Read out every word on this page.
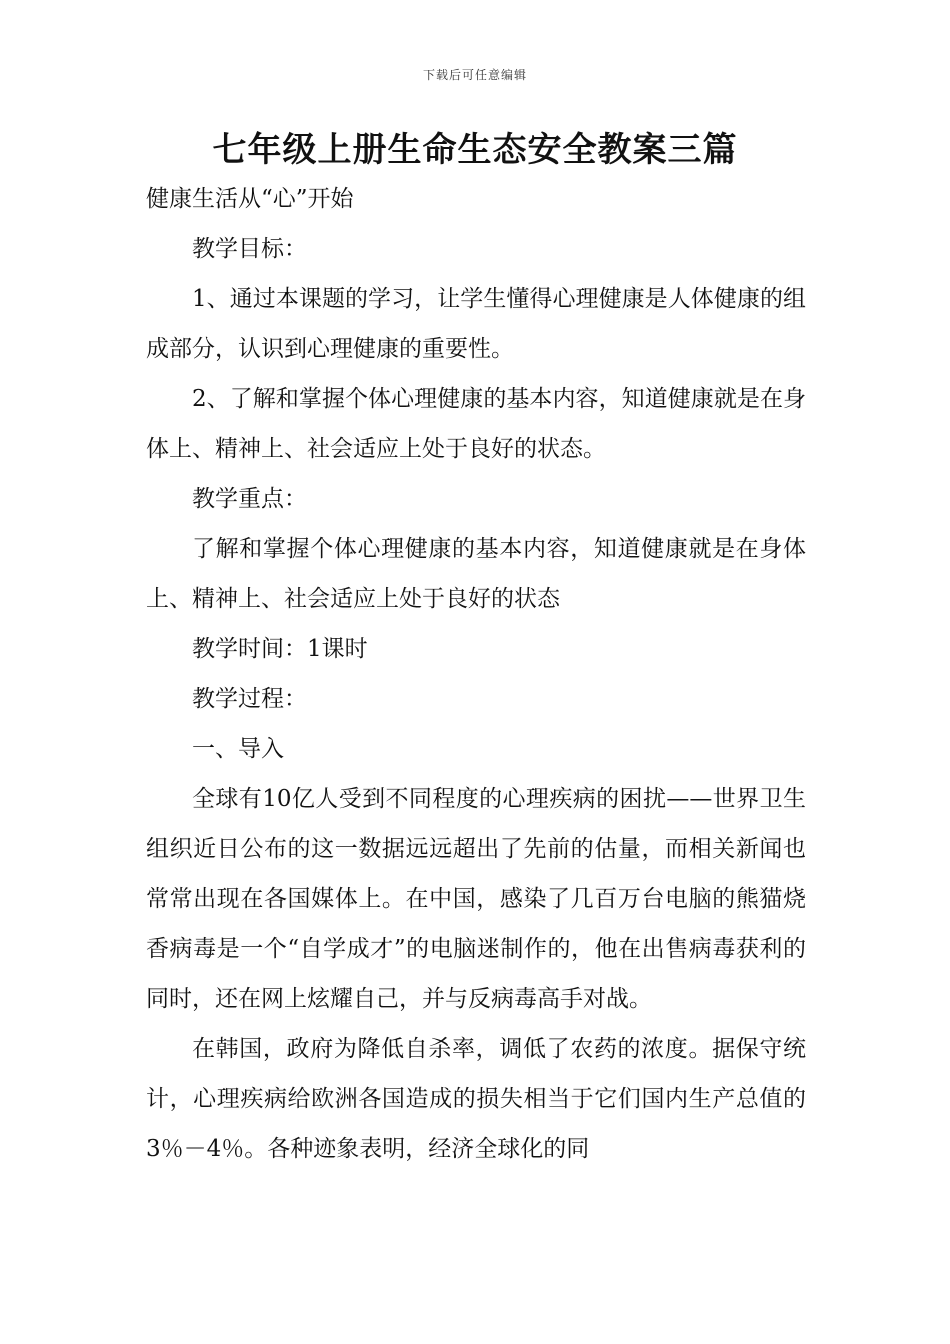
下载后可任意编辑
七年级上册生命生态安全教案三篇

健康生活从“心”开始

教学目标：

1、通过本课题的学习，让学生懂得心理健康是人体健康的组成部分，认识到心理健康的重要性。

2、了解和掌握个体心理健康的基本内容，知道健康就是在身体上、精神上、社会适应上处于良好的状态。

教学重点：

了解和掌握个体心理健康的基本内容，知道健康就是在身体上、精神上、社会适应上处于良好的状态

教学时间：1课时

教学过程：

一、导入

全球有10亿人受到不同程度的心理疾病的困扰——世界卫生组织近日公布的这一数据远远超出了先前的估量，而相关新闻也常常出现在各国媒体上。在中国，感染了几百万台电脑的熊猫烧香病毒是一个“自学成才”的电脑迷制作的，他在出售病毒获利的同时，还在网上炫耀自己，并与反病毒高手对战。

在韩国，政府为降低自杀率，调低了农药的浓度。据保守统计，心理疾病给欧洲各国造成的损失相当于它们国内生产总值的3％－4％。各种迹象表明，经济全球化的同
